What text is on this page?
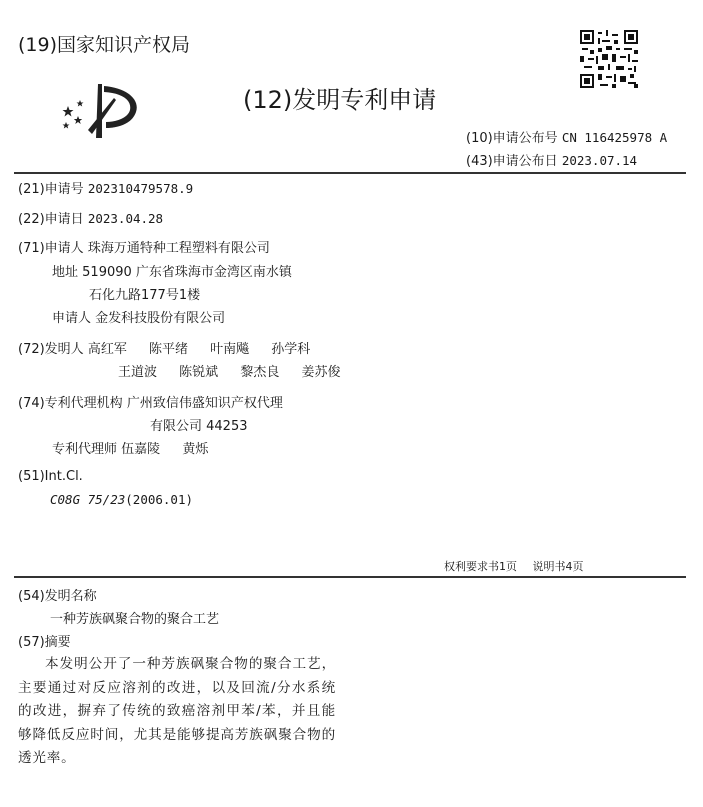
(19)国家知识产权局
(12)发明专利申请
(10)申请公布号 CN 116425978 A
(43)申请公布日 2023.07.14
(21)申请号 202310479578.9
(22)申请日 2023.04.28
(71)申请人 珠海万通特种工程塑料有限公司
地址 519090 广东省珠海市金湾区南水镇
石化九路177号1楼
申请人 金发科技股份有限公司
(72)发明人 高红军 陈平绪 叶南飚 孙学科
王道波 陈锐斌 黎杰良 姜苏俊
(74)专利代理机构 广州致信伟盛知识产权代理
有限公司 44253
专利代理师 伍嘉陵 黄烁
(51)Int.Cl.
C08G 75/23(2006.01)
权利要求书1页 说明书4页
(54)发明名称
一种芳族砜聚合物的聚合工艺
(57)摘要
本发明公开了一种芳族砜聚合物的聚合工艺，主要通过对反应溶剂的改进，以及回流/分水系统的改进，摒弃了传统的致癌溶剂甲苯/苯，并且能够降低反应时间，尤其是能够提高芳族砜聚合物的透光率。
